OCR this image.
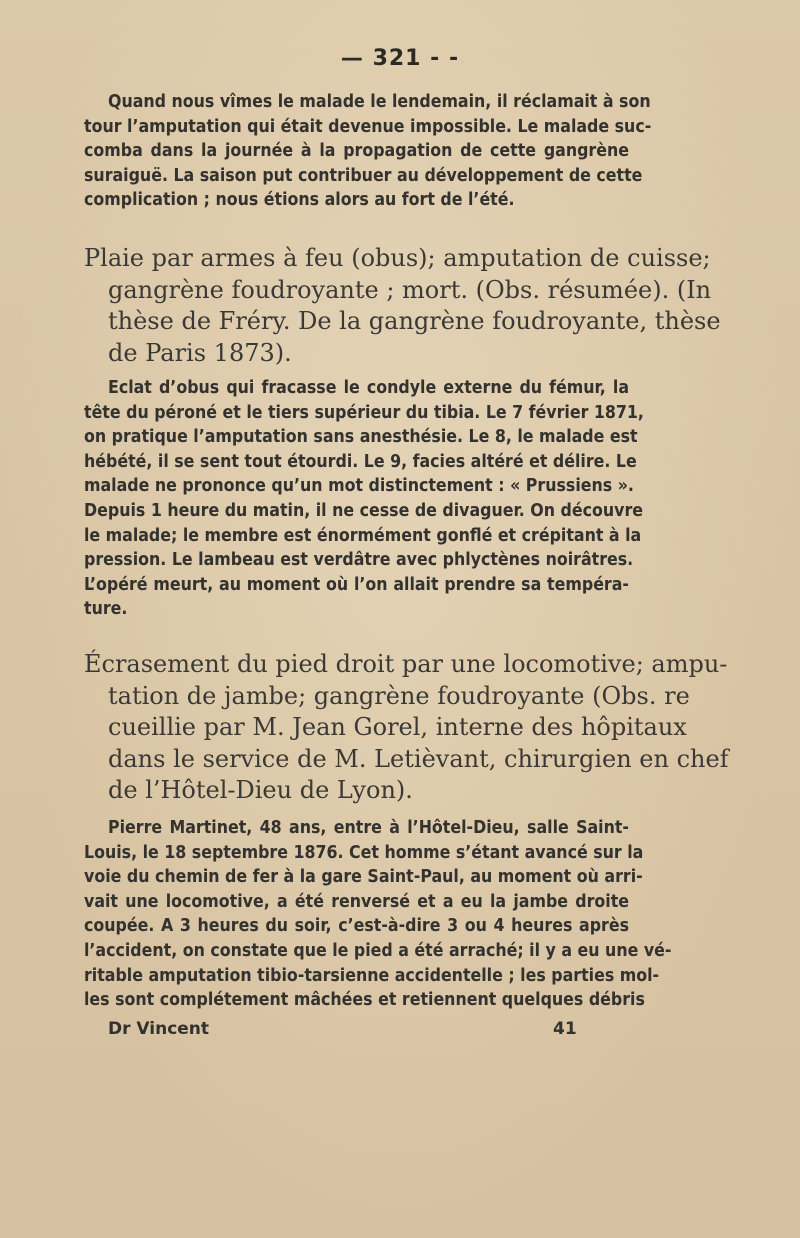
— 321 - -
Quand nous vîmes le malade le lendemain, il réclamait à son
tour l’amputation qui était devenue impossible. Le malade suc-
comba dans la journée à la propagation de cette gangrène
suraiguë. La saison put contribuer au développement de cette
complication ; nous étions alors au fort de l’été.
Plaie par armes à feu (obus); amputation de cuisse;
gangrène foudroyante ; mort. (Obs. résumée). (In
thèse de Fréry. De la gangrène foudroyante, thèse
de Paris 1873).
Eclat d’obus qui fracasse le condyle externe du fémur, la
tête du péroné et le tiers supérieur du tibia. Le 7 février 1871,
on pratique l’amputation sans anesthésie. Le 8, le malade est
hébété, il se sent tout étourdi. Le 9, facies altéré et délire. Le
malade ne prononce qu’un mot distinctement : « Prussiens ».
Depuis 1 heure du matin, il ne cesse de divaguer. On découvre
le malade; le membre est énormément gonflé et crépitant à la
pression. Le lambeau est verdâtre avec phlyctènes noirâtres.
L’opéré meurt, au moment où l’on allait prendre sa tempéra-
ture.
Écrasement du pied droit par une locomotive; ampu-
tation de jambe; gangrène foudroyante (Obs. re
cueillie par M. Jean Gorel, interne des hôpitaux
dans le service de M. Letièvant, chirurgien en chef
de l’Hôtel-Dieu de Lyon).
Pierre Martinet, 48 ans, entre à l’Hôtel-Dieu, salle Saint-
Louis, le 18 septembre 1876. Cet homme s’étant avancé sur la
voie du chemin de fer à la gare Saint-Paul, au moment où arri-
vait une locomotive, a été renversé et a eu la jambe droite
coupée. A 3 heures du soir, c’est-à-dire 3 ou 4 heures après
l’accident, on constate que le pied a été arraché; il y a eu une vé-
ritable amputation tibio-tarsienne accidentelle ; les parties mol-
les sont complétement mâchées et retiennent quelques débris
Dr Vincent	41
